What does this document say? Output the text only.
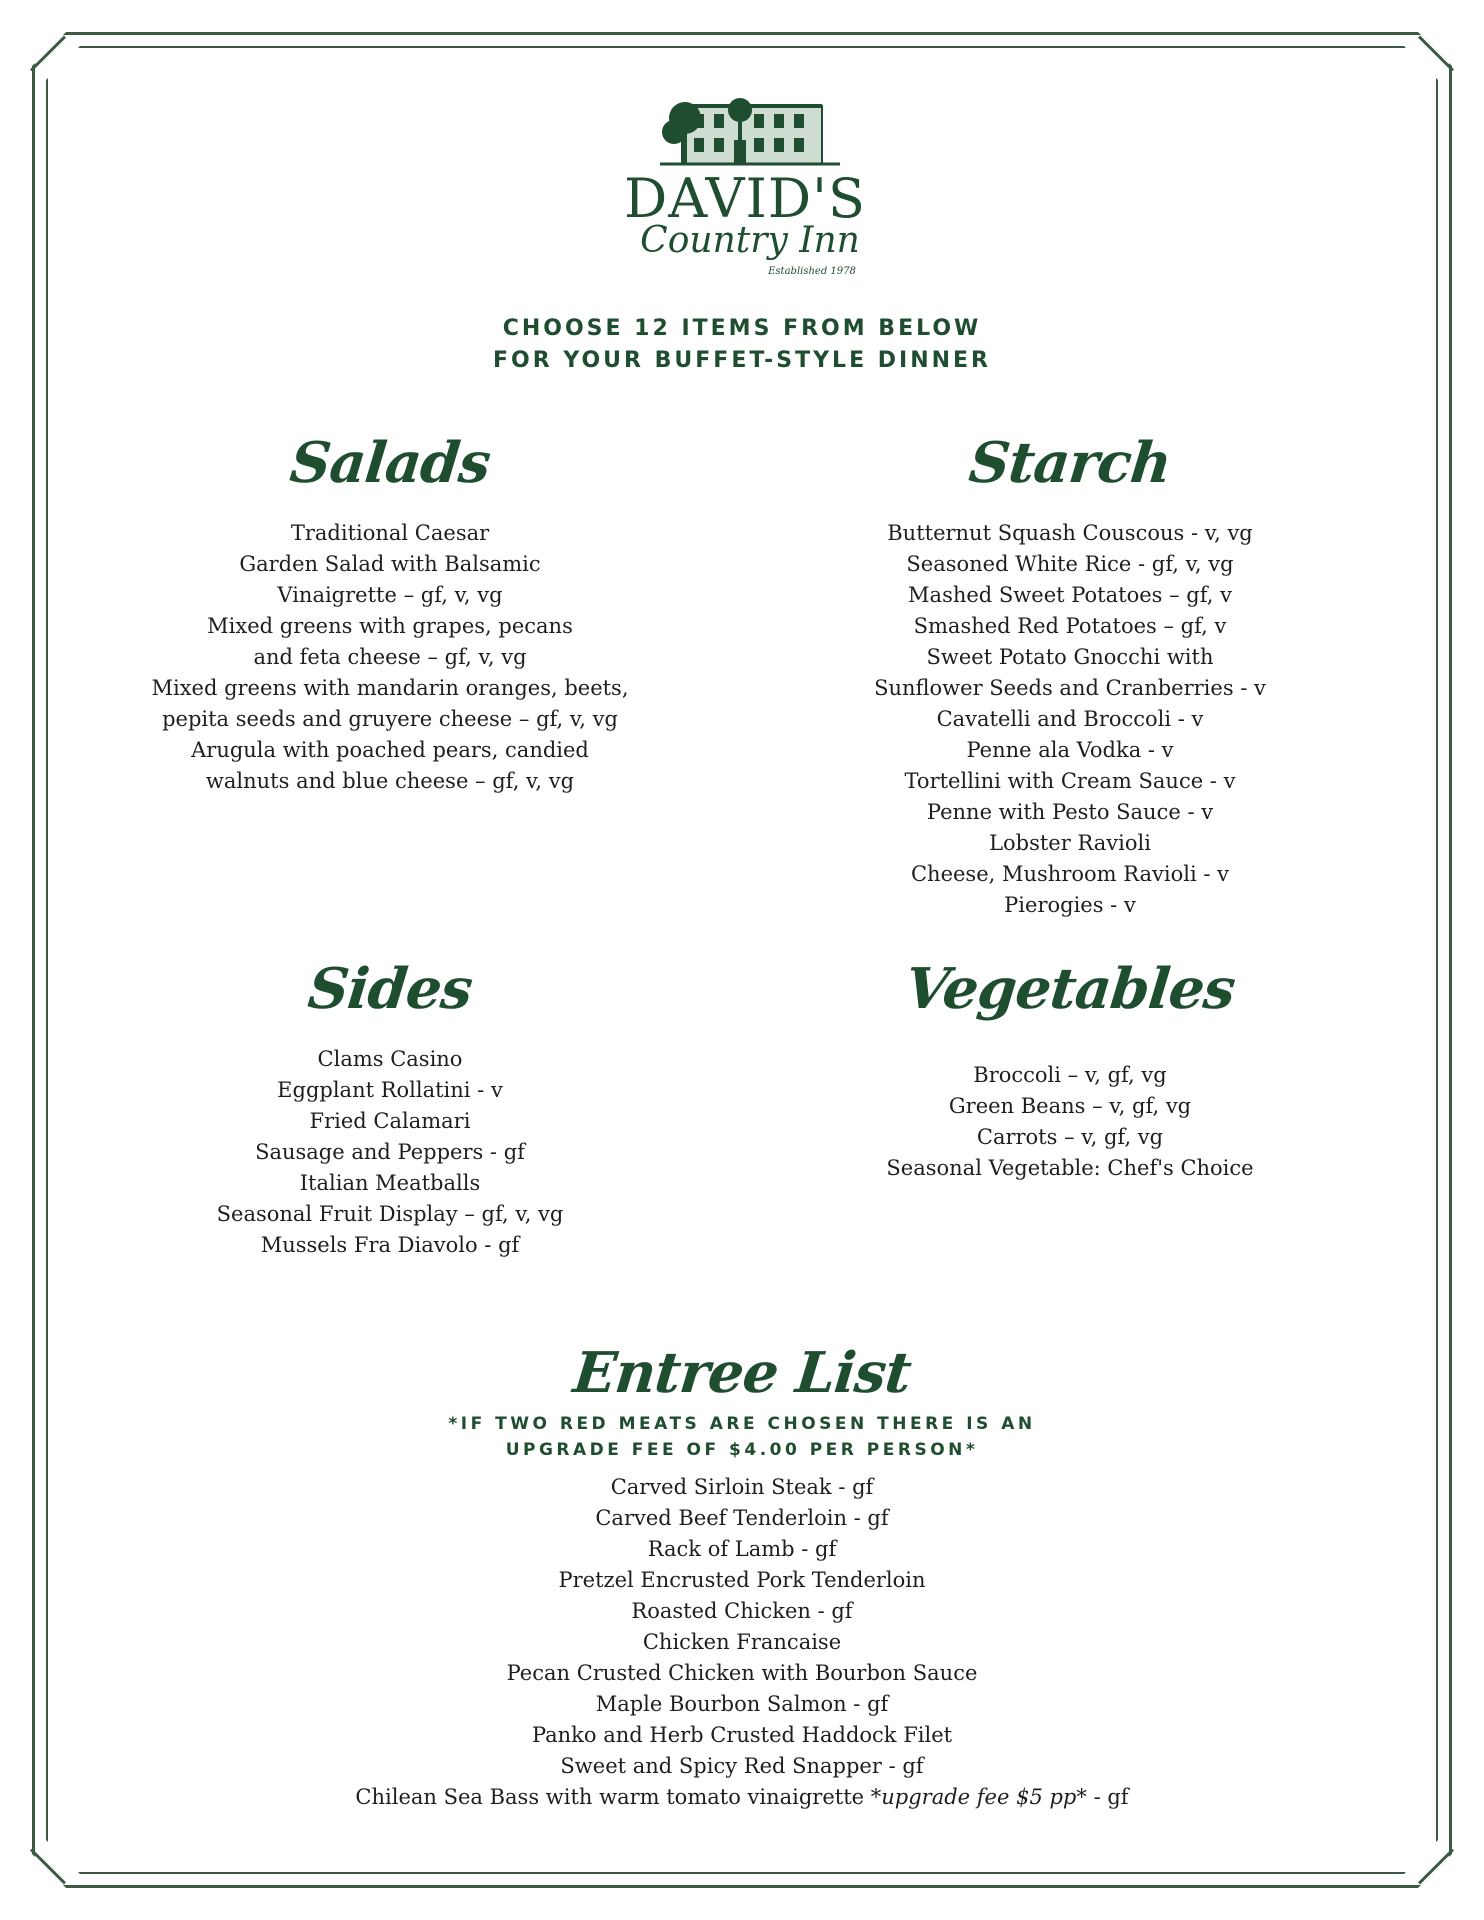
DAVID'S
Country Inn
Established 1978
CHOOSE 12 ITEMS FROM BELOW
FOR YOUR BUFFET-STYLE DINNER
Salads
Traditional Caesar
Garden Salad with Balsamic
Vinaigrette – gf, v, vg
Mixed greens with grapes, pecans
and feta cheese – gf, v, vg
Mixed greens with mandarin oranges, beets,
pepita seeds and gruyere cheese – gf, v, vg
Arugula with poached pears, candied
walnuts and blue cheese – gf, v, vg
Starch
Butternut Squash Couscous - v, vg
Seasoned White Rice - gf, v, vg
Mashed Sweet Potatoes – gf, v
Smashed Red Potatoes – gf, v
Sweet Potato Gnocchi with
Sunflower Seeds and Cranberries - v
Cavatelli and Broccoli - v
Penne ala Vodka - v
Tortellini with Cream Sauce - v
Penne with Pesto Sauce - v
Lobster Ravioli
Cheese, Mushroom Ravioli - v
Pierogies - v
Sides
Clams Casino
Eggplant Rollatini - v
Fried Calamari
Sausage and Peppers - gf
Italian Meatballs
Seasonal Fruit Display – gf, v, vg
Mussels Fra Diavolo - gf
Vegetables
Broccoli – v, gf, vg
Green Beans – v, gf, vg
Carrots – v, gf, vg
Seasonal Vegetable: Chef's Choice
Entree List
*IF TWO RED MEATS ARE CHOSEN THERE IS AN
UPGRADE FEE OF $4.00 PER PERSON*
Carved Sirloin Steak - gf
Carved Beef Tenderloin - gf
Rack of Lamb - gf
Pretzel Encrusted Pork Tenderloin
Roasted Chicken - gf
Chicken Francaise
Pecan Crusted Chicken with Bourbon Sauce
Maple Bourbon Salmon - gf
Panko and Herb Crusted Haddock Filet
Sweet and Spicy Red Snapper - gf
Chilean Sea Bass with warm tomato vinaigrette *upgrade fee $5 pp* - gf
